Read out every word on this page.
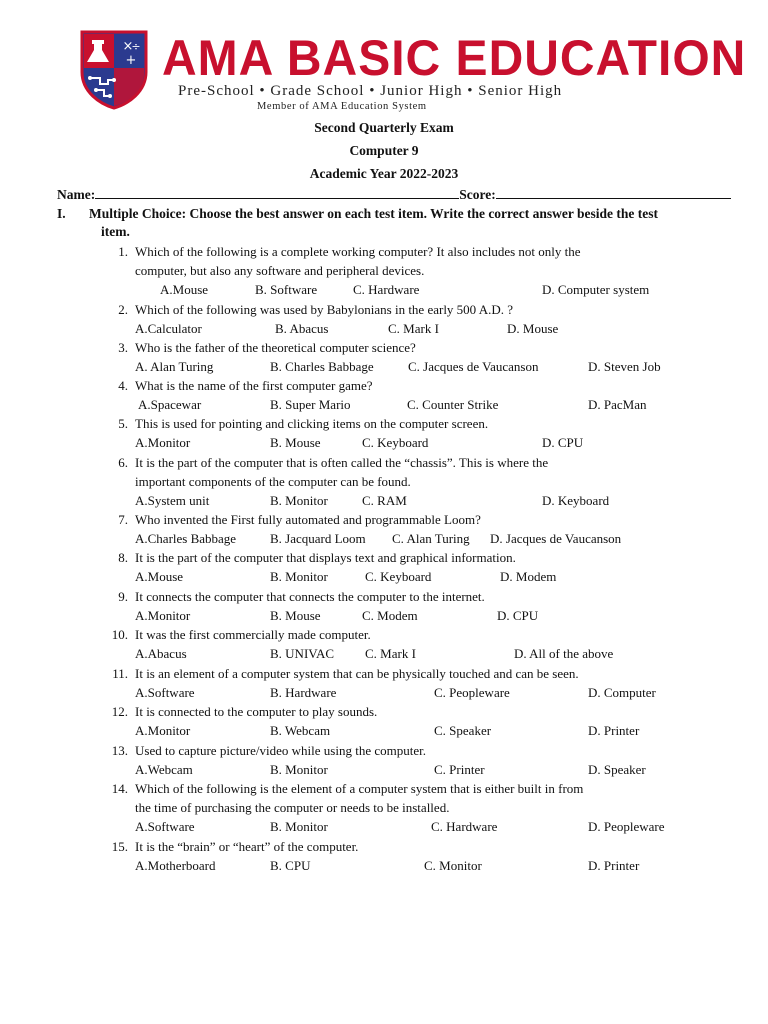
×
÷
+ AMA BASIC EDUCATION
Pre-School • Grade School • Junior High • Senior High
Member of AMA Education System
Second Quarterly Exam
Computer 9
Academic Year 2022-2023
Name:	Score:
I. Multiple Choice: Choose the best answer on each test item. Write the correct answer beside the test
item.
1. Which of the following is a complete working computer? It also includes not only the
computer, but also any software and peripheral devices.
A.Mouse	B. Software	C. Hardware	D. Computer system
2. Which of the following was used by Babylonians in the early 500 A.D. ?
A.Calculator	B. Abacus	C. Mark I	D. Mouse
3. Who is the father of the theoretical computer science?
A. Alan Turing	B. Charles Babbage	C. Jacques de Vaucanson	D. Steven Job
4. What is the name of the first computer game?
A.Spacewar	B. Super Mario	C. Counter Strike	D. PacMan
5. This is used for pointing and clicking items on the computer screen.
A.Monitor	B. Mouse	C. Keyboard	D. CPU
6. It is the part of the computer that is often called the “chassis”. This is where the
important components of the computer can be found.
A.System unit	B. Monitor	C. RAM	D. Keyboard
7. Who invented the First fully automated and programmable Loom?
A.Charles Babbage	B. Jacquard Loom C. Alan Turing D. Jacques de Vaucanson
8. It is the part of the computer that displays text and graphical information.
A.Mouse	B. Monitor	C. Keyboard	D. Modem
9. It connects the computer that connects the computer to the internet.
A.Monitor	B. Mouse	C. Modem	D. CPU
10. It was the first commercially made computer.
A.Abacus	B. UNIVAC C. Mark I	D. All of the above
11. It is an element of a computer system that can be physically touched and can be seen.
A.Software	B. Hardware	C. Peopleware	D. Computer
12. It is connected to the computer to play sounds.
A.Monitor	B. Webcam	C. Speaker	D. Printer
13. Used to capture picture/video while using the computer.
A.Webcam	B. Monitor	C. Printer	D. Speaker
14. Which of the following is the element of a computer system that is either built in from
the time of purchasing the computer or needs to be installed.
A.Software	B. Monitor	C. Hardware	D. Peopleware
15. It is the “brain” or “heart” of the computer.
A.Motherboard	B. CPU	C. Monitor	D. Printer
